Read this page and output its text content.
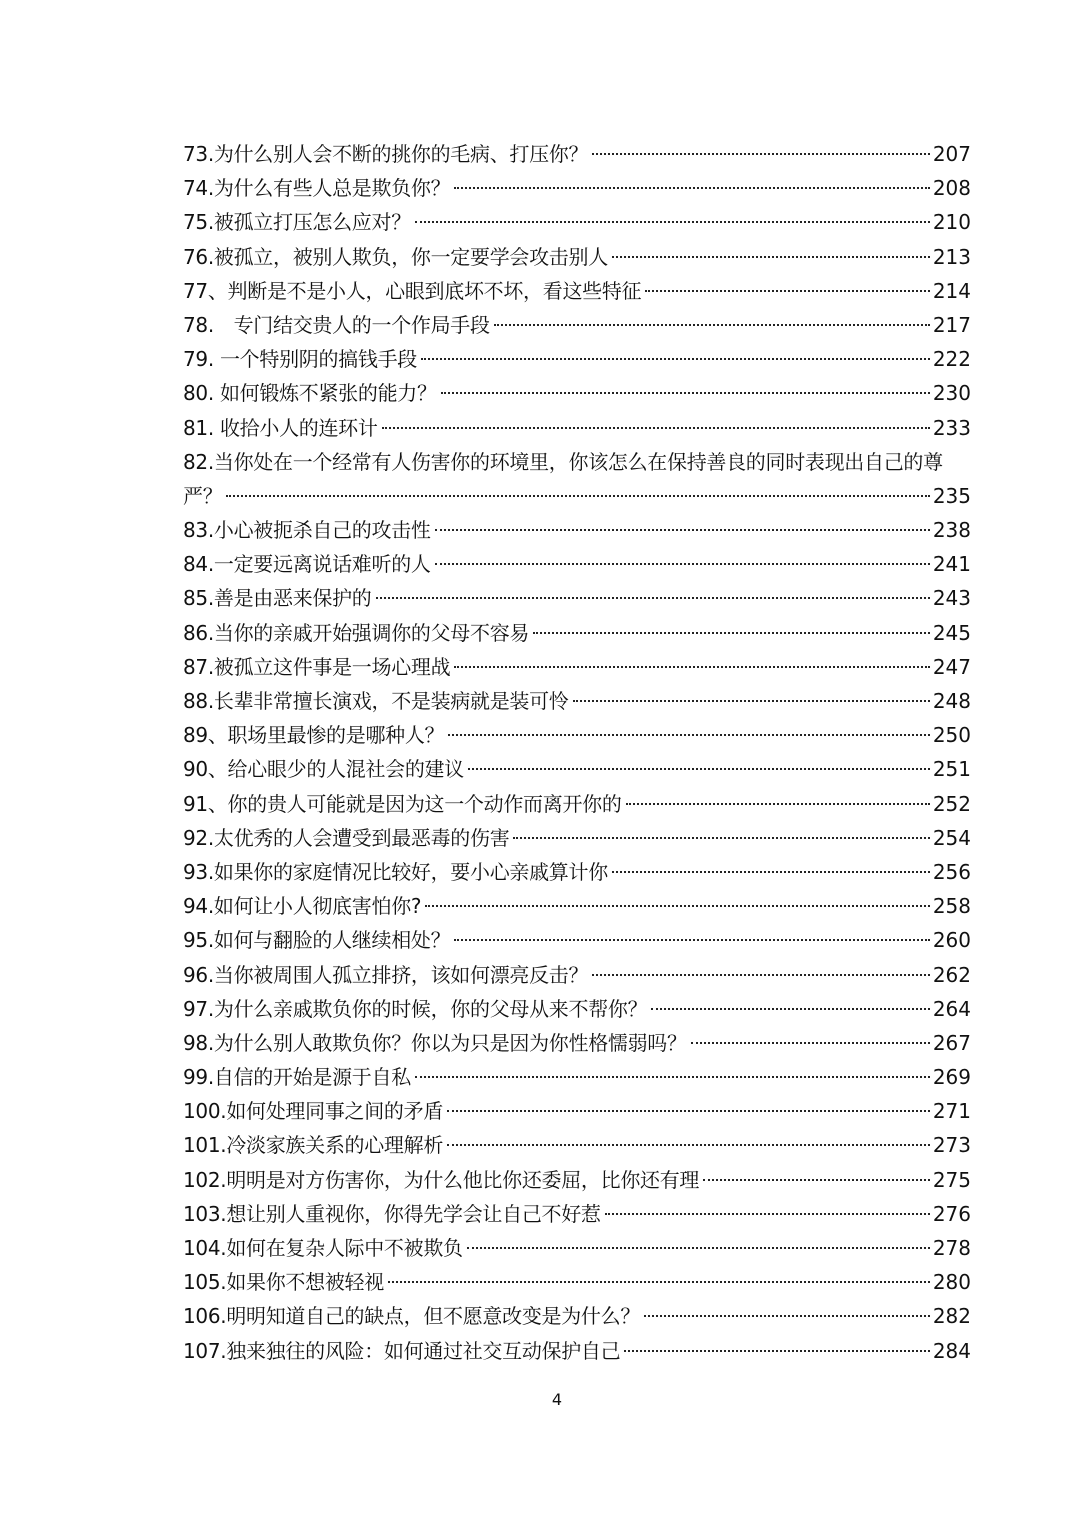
73.为什么别人会不断的挑你的毛病、打压你？	207
74.为什么有些人总是欺负你？	208
75.被孤立打压怎么应对？	210
76.被孤立，被别人欺负，你一定要学会攻击别人	213
77、判断是不是小人，心眼到底坏不坏，看这些特征	214
78.　专门结交贵人的一个作局手段	217
79. 一个特别阴的搞钱手段	222
80. 如何锻炼不紧张的能力？	230
81. 收拾小人的连环计	233
82.当你处在一个经常有人伤害你的环境里，你该怎么在保持善良的同时表现出自己的尊
严？	235
83.小心被扼杀自己的攻击性	238
84.一定要远离说话难听的人	241
85.善是由恶来保护的	243
86.当你的亲戚开始强调你的父母不容易	245
87.被孤立这件事是一场心理战	247
88.长辈非常擅长演戏，不是装病就是装可怜	248
89、职场里最惨的是哪种人？	250
90、给心眼少的人混社会的建议	251
91、你的贵人可能就是因为这一个动作而离开你的	252
92.太优秀的人会遭受到最恶毒的伤害	254
93.如果你的家庭情况比较好，要小心亲戚算计你	256
94.如何让小人彻底害怕你?	258
95.如何与翻脸的人继续相处？	260
96.当你被周围人孤立排挤，该如何漂亮反击？	262
97.为什么亲戚欺负你的时候，你的父母从来不帮你？	264
98.为什么别人敢欺负你？你以为只是因为你性格懦弱吗？	267
99.自信的开始是源于自私	269
100.如何处理同事之间的矛盾	271
101.冷淡家族关系的心理解析	273
102.明明是对方伤害你，为什么他比你还委屈，比你还有理	275
103.想让别人重视你，你得先学会让自己不好惹	276
104.如何在复杂人际中不被欺负	278
105.如果你不想被轻视	280
106.明明知道自己的缺点，但不愿意改变是为什么？	282
107.独来独往的风险：如何通过社交互动保护自己	284
4
